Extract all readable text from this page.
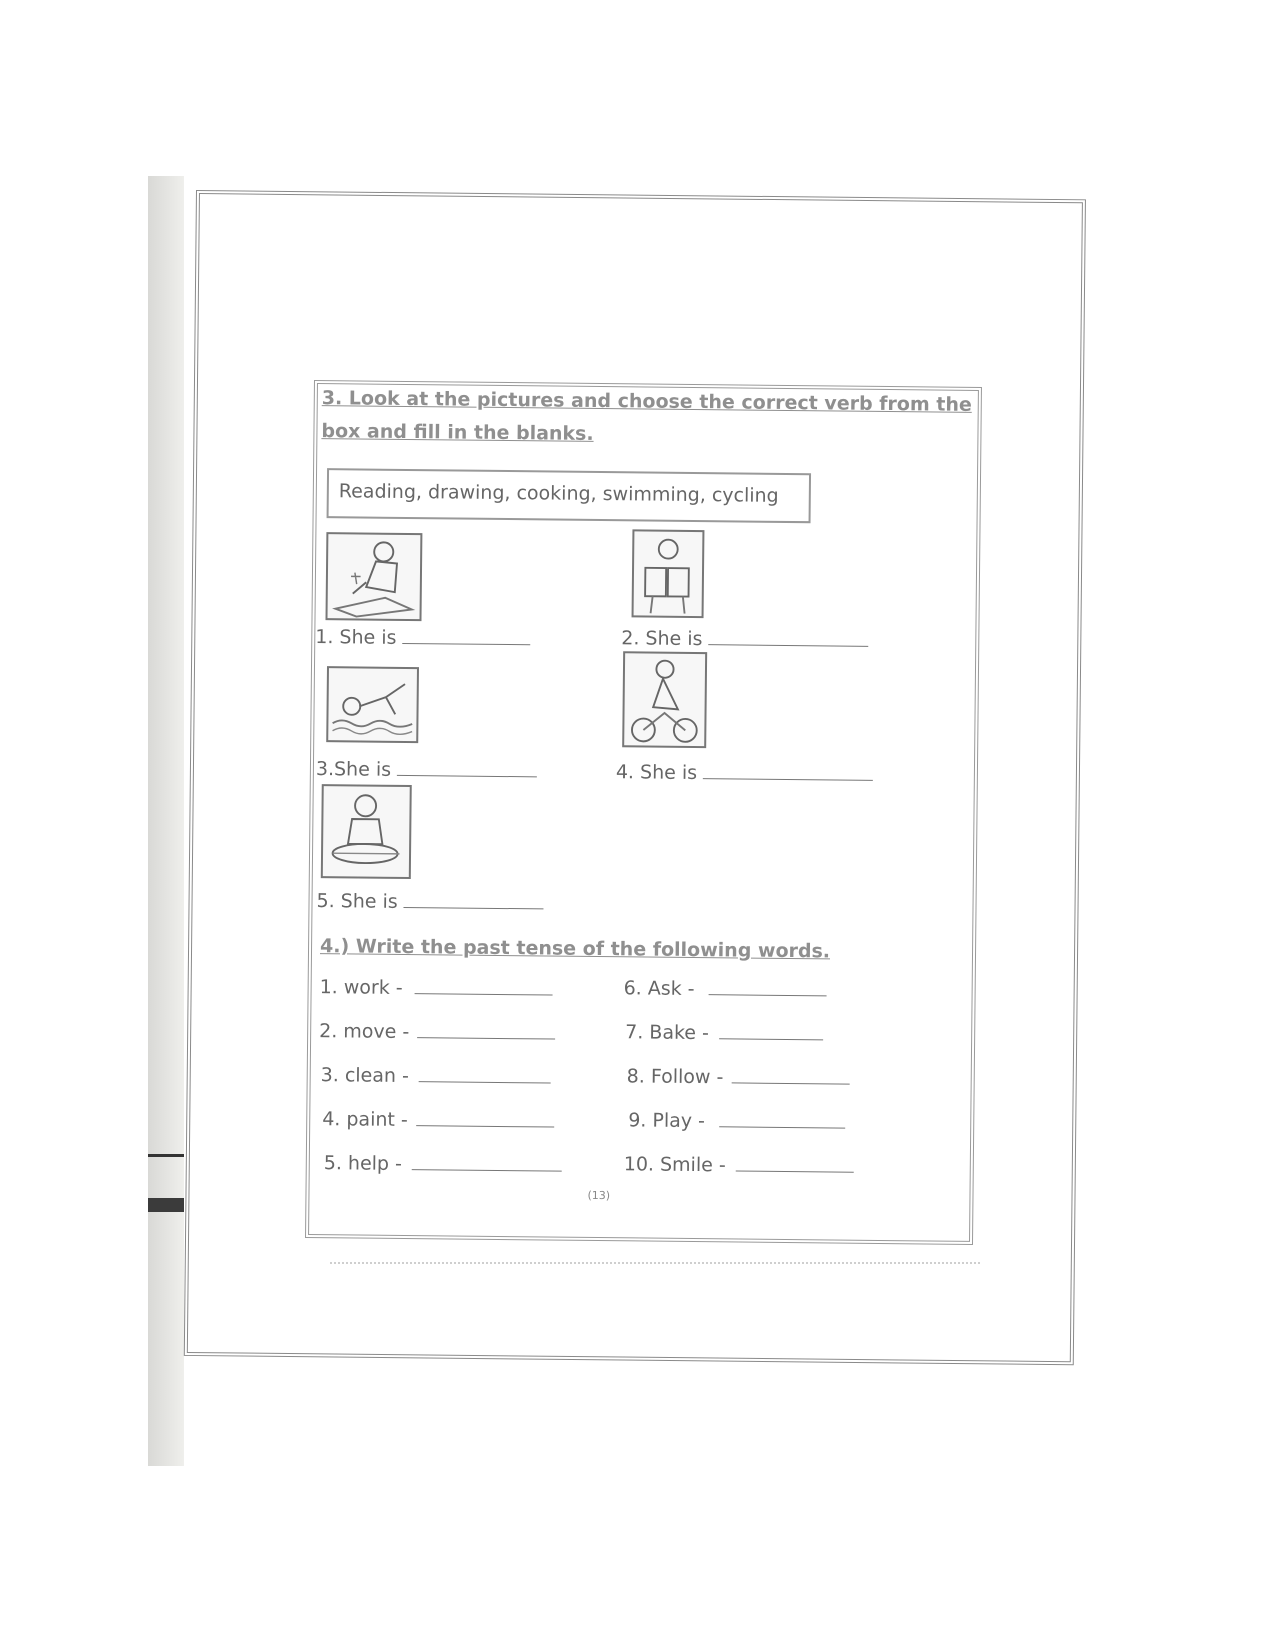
3. Look at the pictures and choose the correct verb from the
box and fill in the blanks.
Reading, drawing, cooking, swimming, cycling
1. She is	2. She is
3.She is	4. She is
5. She is
4.) Write the past tense of the following words.
1. work -
2. move -
3. clean -
4. paint -
5. help -
6. Ask -
7. Bake -
8. Follow -
9. Play -
10. Smile -
(13)
